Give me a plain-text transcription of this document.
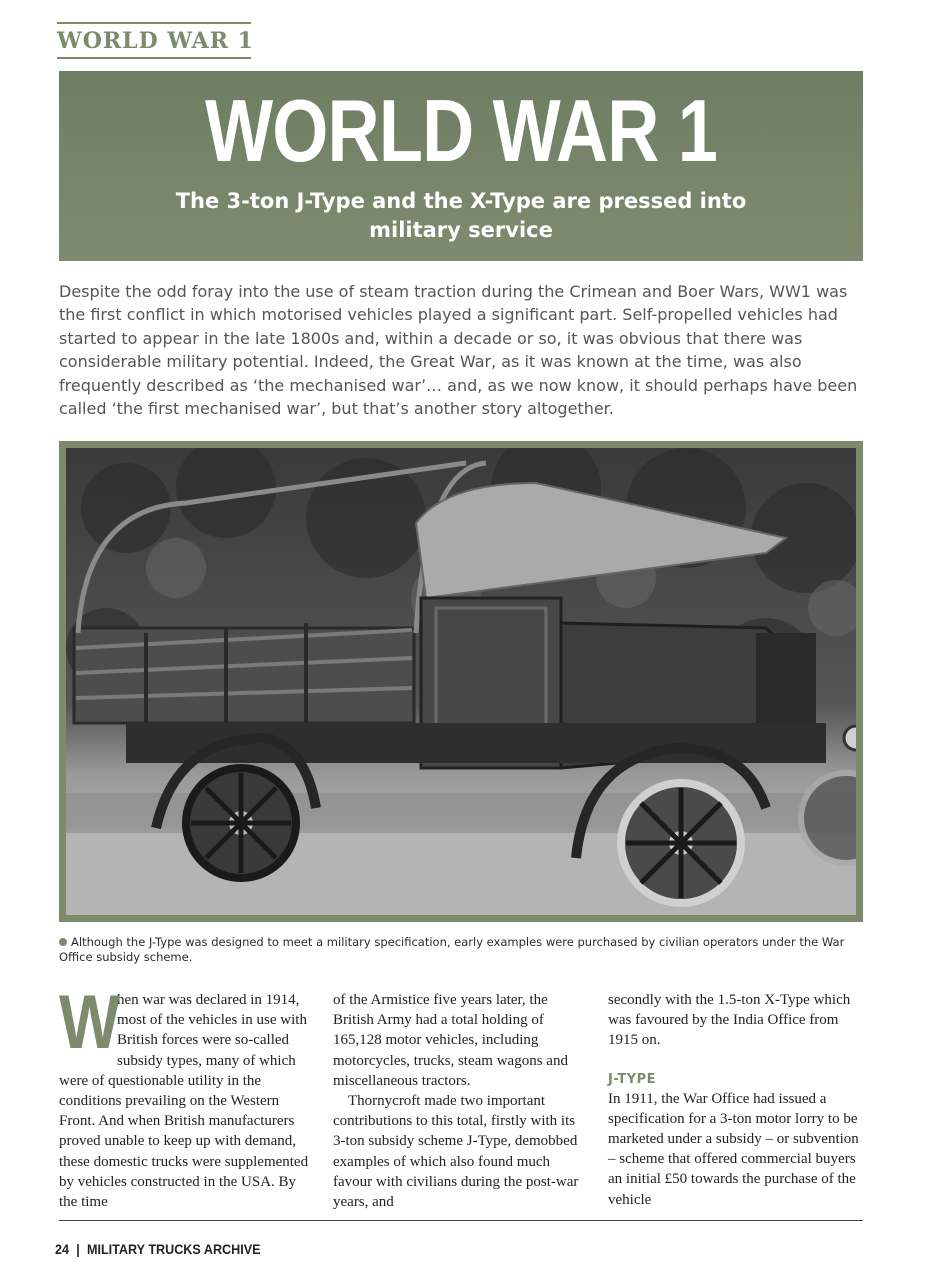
WORLD WAR 1
WORLD WAR 1
The 3-ton J-Type and the X-Type are pressed into military service

Despite the odd foray into the use of steam traction during the Crimean and Boer Wars, WW1 was the first conflict in which motorised vehicles played a significant part. Self-propelled vehicles had started to appear in the late 1800s and, within a decade or so, it was obvious that there was considerable military potential. Indeed, the Great War, as it was known at the time, was also frequently described as ‘the mechanised war’… and, as we now know, it should perhaps have been called ‘the first mechanised war’, but that’s another story altogether.

Although the J-Type was designed to meet a military specification, early examples were purchased by civilian operators under the War Office subsidy scheme.

W

hen war was declared in 1914, most of the vehicles in use with British forces were so-called subsidy types, many of which were of questionable utility in the conditions prevailing on the Western Front. And when British manufacturers proved unable to keep up with demand, these domestic trucks were supplemented by vehicles constructed in the USA. By the time

of the Armistice five years later, the British Army had a total holding of 165,128 motor vehicles, including motorcycles, trucks, steam wagons and miscellaneous tractors.

Thornycroft made two important contributions to this total, firstly with its 3-ton subsidy scheme J-Type, demobbed examples of which also found much favour with civilians during the post-war years, and

secondly with the 1.5-ton X-Type which was favoured by the India Office from 1915 on.

J-TYPE

In 1911, the War Office had issued a specification for a 3-ton motor lorry to be marketed under a subsidy – or subvention – scheme that offered commercial buyers an initial £50 towards the purchase of the vehicle

24 | MILITARY TRUCKS ARCHIVE
